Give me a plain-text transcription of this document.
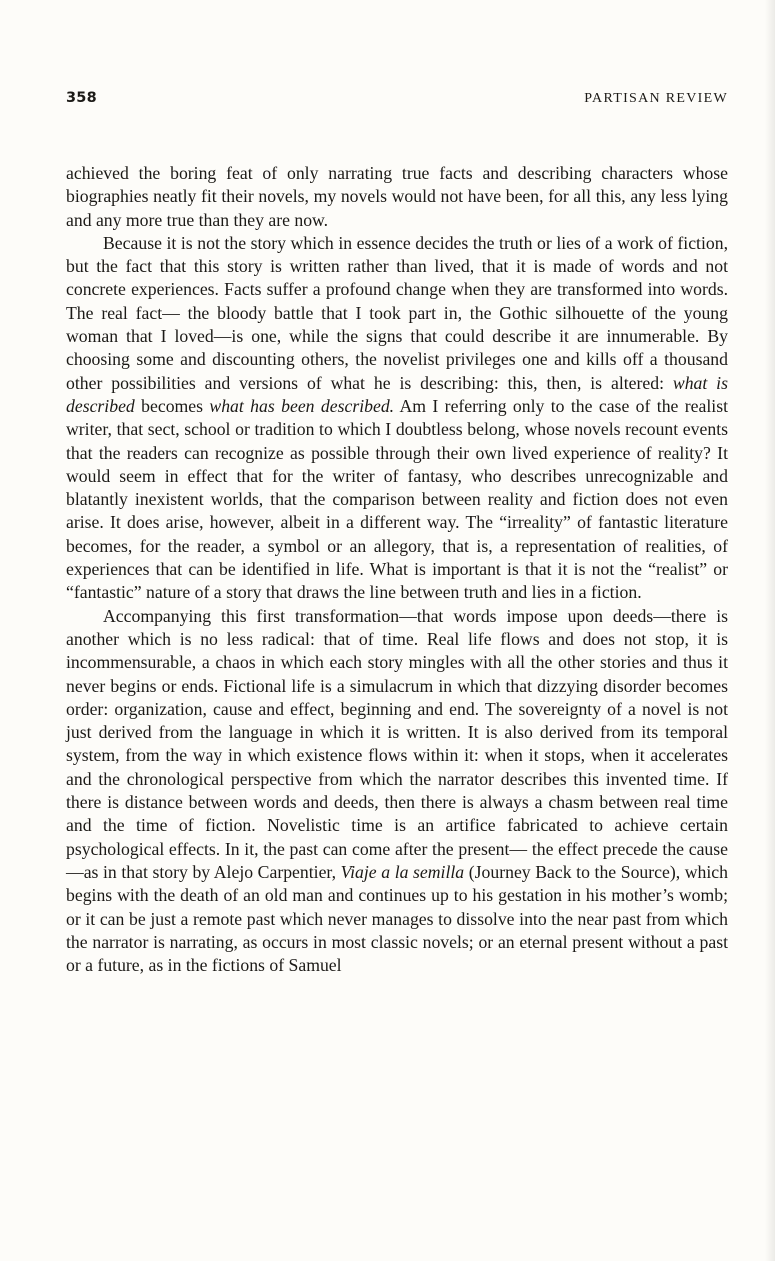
358	PARTISAN REVIEW

achieved the boring feat of only narrating true facts and describing characters whose biographies neatly fit their novels, my novels would not have been, for all this, any less lying and any more true than they are now.

Because it is not the story which in essence decides the truth or lies of a work of fiction, but the fact that this story is written rather than lived, that it is made of words and not concrete experiences. Facts suffer a profound change when they are transformed into words. The real fact— the bloody battle that I took part in, the Gothic silhouette of the young woman that I loved—is one, while the signs that could describe it are innumerable. By choosing some and discounting others, the novelist privileges one and kills off a thousand other possibilities and versions of what he is describing: this, then, is altered: what is described becomes what has been described. Am I referring only to the case of the realist writer, that sect, school or tradition to which I doubtless belong, whose novels recount events that the readers can recognize as possible through their own lived experience of reality? It would seem in effect that for the writer of fantasy, who describes unrecognizable and blatantly inexistent worlds, that the comparison between reality and fiction does not even arise. It does arise, however, albeit in a different way. The “irreality” of fantastic literature becomes, for the reader, a symbol or an allegory, that is, a representation of realities, of experiences that can be identified in life. What is important is that it is not the “realist” or “fantastic” nature of a story that draws the line between truth and lies in a fiction.

Accompanying this first transformation—that words impose upon deeds—there is another which is no less radical: that of time. Real life flows and does not stop, it is incommensurable, a chaos in which each story mingles with all the other stories and thus it never begins or ends. Fictional life is a simulacrum in which that dizzying disorder becomes order: organization, cause and effect, beginning and end. The sovereignty of a novel is not just derived from the language in which it is written. It is also derived from its temporal system, from the way in which existence flows within it: when it stops, when it accelerates and the chronological perspective from which the narrator describes this invented time. If there is distance between words and deeds, then there is always a chasm between real time and the time of fiction. Novelistic time is an artifice fabricated to achieve certain psychological effects. In it, the past can come after the present— the effect precede the cause—as in that story by Alejo Carpentier, Viaje a la semilla (Journey Back to the Source), which begins with the death of an old man and continues up to his gestation in his mother’s womb; or it can be just a remote past which never manages to dissolve into the near past from which the narrator is narrating, as occurs in most classic novels; or an eternal present without a past or a future, as in the fictions of Samuel
